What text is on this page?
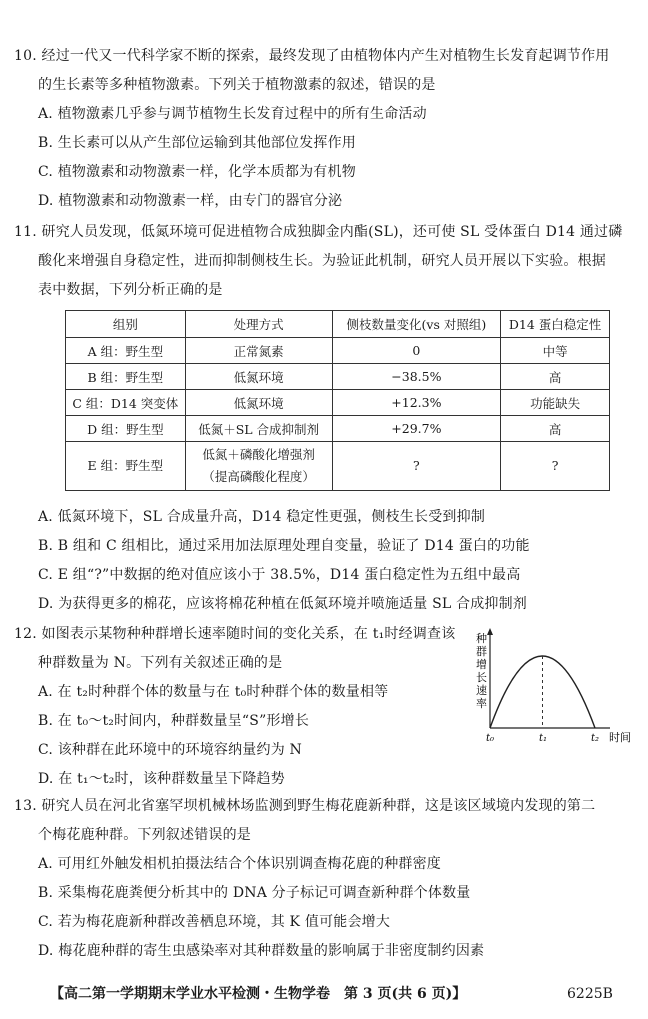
10. 经过一代又一代科学家不断的探索，最终发现了由植物体内产生对植物生长发育起调节作用
的生长素等多种植物激素。下列关于植物激素的叙述，错误的是
A. 植物激素几乎参与调节植物生长发育过程中的所有生命活动
B. 生长素可以从产生部位运输到其他部位发挥作用
C. 植物激素和动物激素一样，化学本质都为有机物
D. 植物激素和动物激素一样，由专门的器官分泌
11. 研究人员发现，低氮环境可促进植物合成独脚金内酯(SL)，还可使 SL 受体蛋白 D14 通过磷
酸化来增强自身稳定性，进而抑制侧枝生长。为验证此机制，研究人员开展以下实验。根据
表中数据，下列分析正确的是
组别	处理方式	侧枝数量变化(vs 对照组)	D14 蛋白稳定性
A 组：野生型	正常氮素	0	中等
B 组：野生型	低氮环境	−38.5%	高
C 组：D14 突变体	低氮环境	+12.3%	功能缺失
D 组：野生型	低氮＋SL 合成抑制剂	+29.7%	高
E 组：野生型	低氮＋磷酸化增强剂
（提高磷酸化程度）	?	?
A. 低氮环境下，SL 合成量升高，D14 稳定性更强，侧枝生长受到抑制
B. B 组和 C 组相比，通过采用加法原理处理自变量，验证了 D14 蛋白的功能
C. E 组“?”中数据的绝对值应该小于 38.5%，D14 蛋白稳定性为五组中最高
D. 为获得更多的棉花，应该将棉花种植在低氮环境并喷施适量 SL 合成抑制剂
12. 如图表示某物种种群增长速率随时间的变化关系，在 t₁时经调查该
种群数量为 N。下列有关叙述正确的是
A. 在 t₂时种群个体的数量与在 t₀时种群个体的数量相等
B. 在 t₀～t₂时间内，种群数量呈“S”形增长
C. 该种群在此环境中的环境容纳量约为 N
D. 在 t₁～t₂时，该种群数量呈下降趋势
种
群
增
长
速
率
t₀	t₁	t₂ 时间
13. 研究人员在河北省塞罕坝机械林场监测到野生梅花鹿新种群，这是该区域境内发现的第二
个梅花鹿种群。下列叙述错误的是
A. 可用红外触发相机拍摄法结合个体识别调查梅花鹿的种群密度
B. 采集梅花鹿粪便分析其中的 DNA 分子标记可调查新种群个体数量
C. 若为梅花鹿新种群改善栖息环境，其 K 值可能会增大
D. 梅花鹿种群的寄生虫感染率对其种群数量的影响属于非密度制约因素
【高二第一学期期末学业水平检测・生物学卷　第 3 页(共 6 页)】	6225B
